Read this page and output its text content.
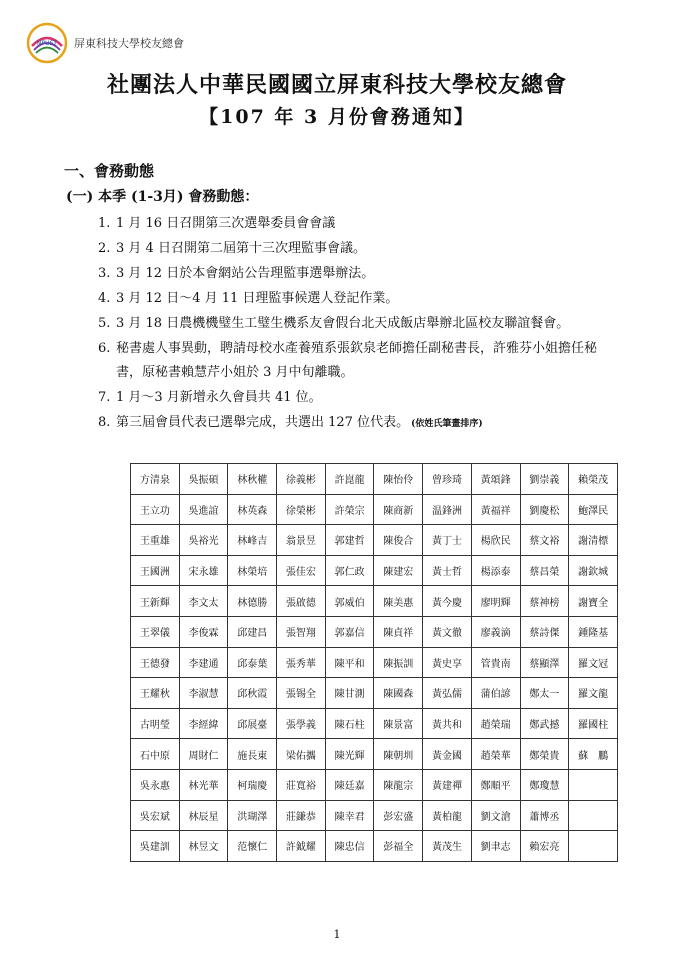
NPUST 屏東科技大學校友總會
社團法人中華民國國立屏東科技大學校友總會
【107 年 3 月份會務通知】
一、會務動態
(一) 本季 (1-3月) 會務動態：
1. 1 月 16 日召開第三次選舉委員會會議
2. 3 月 4 日召開第二屆第十三次理監事會議。
3. 3 月 12 日於本會網站公告理監事選舉辦法。
4. 3 月 12 日～4 月 11 日理監事候選人登記作業。
5. 3 月 18 日農機機璧生工璧生機系友會假台北天成飯店舉辦北區校友聯誼餐會。
6. 秘書處人事異動，聘請母校水產養殖系張欽泉老師擔任副秘書長，許雅芬小姐擔任秘書，原秘書賴慧芹小姐於 3 月中旬離職。
7. 1 月～3 月新增永久會員共 41 位。
8. 第三屆會員代表已選舉完成，共選出 127 位代表。 (依姓氏筆畫排序)
方清泉	吳振碩	林秋權	徐義彬	許崑龍	陳怡伶	曾珍琦	黃頌鋒	劉崇義	賴榮茂
王立功	吳進誼	林英森	徐榮彬	許榮宗	陳商新	温鋒洲	黃福祥	劉慶松	鮑澤民
王重雄	吳裕光	林峰吉	翁景昱	郭建哲	陳俊合	黃丁士	楊欣民	蔡文裕	謝清標
王國洲	宋永雄	林榮培	張佳宏	郭仁政	陳建宏	黃士哲	楊添泰	蔡昌榮	謝欽城
王新輝	李文太	林德勝	張啟德	郭威伯	陳美惠	黃今慶	廖明輝	蔡神榜	謝寶全
王翠儀	李俊霖	邱建昌	張智翔	郭嘉信	陳貞祥	黃文徹	廖義滴	蔡詩傑	鍾隆基
王德發	李建通	邱泰葉	張秀華	陳平和	陳振訓	黃史享	管貴南	蔡顯澤	羅文冠
王耀秋	李淑慧	邱秋霞	張锡全	陳甘測	陳國森	黃弘儒	蒲伯諺	鄭太一	羅文龍
古明瑩	李經緯	邱展臺	張學義	陳石柱	陳景富	黃共和	趙榮瑞	鄭武撼	羅國柱
石中原	周財仁	施長東	梁佑攜	陳光輝	陳朝圳	黃金國	趙榮華	鄭榮貴	蘇　鵬
吳永惠	林光華	柯瑞慶	莊寬裕	陳廷嘉	陳龍宗	黃建禪	鄭順平	鄭瓊慧	
吳宏斌	林辰星	洪瑚澤	莊鎌恭	陳幸君	彭宏盛	黃柏龍	劉文滄	蕭博丞	
吳建訓	林昱文	范懷仁	許鉞耀	陳忠信	彭福全	黃茂生	劉聿志	賴宏亮	
1
